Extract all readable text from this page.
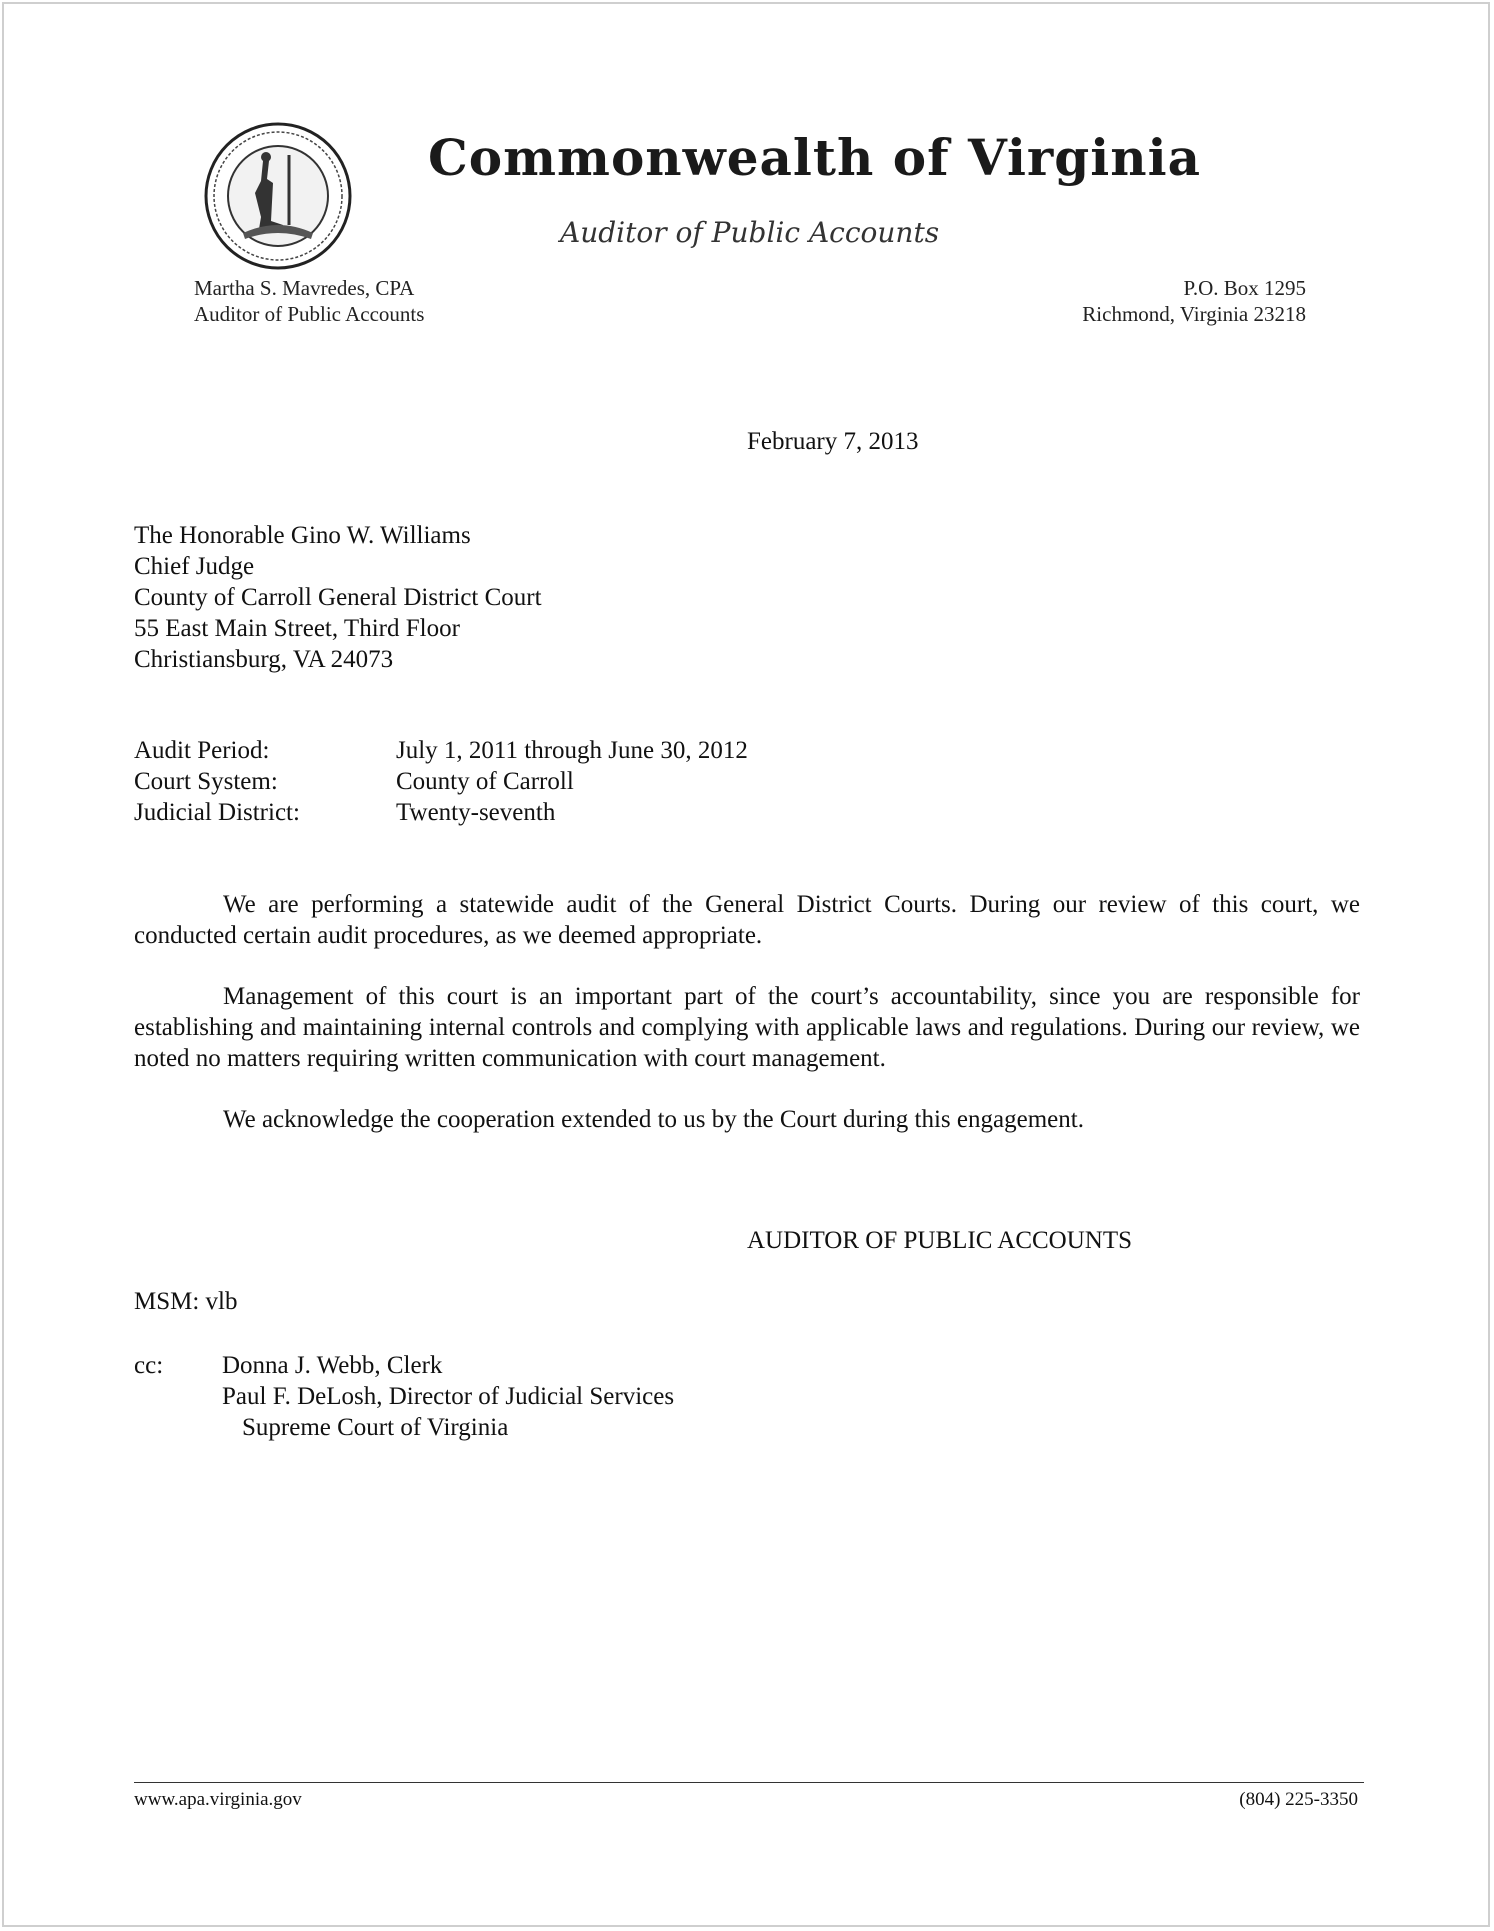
Commonwealth of Virginia
Auditor of Public Accounts
Martha S. Mavredes, CPA
Auditor of Public Accounts
P.O. Box 1295
Richmond, Virginia 23218
February 7, 2013
The Honorable Gino W. Williams
Chief Judge
County of Carroll General District Court
55 East Main Street, Third Floor
Christiansburg, VA 24073
Audit Period:	July 1, 2011 through June 30, 2012
Court System:	County of Carroll
Judicial District:	Twenty-seventh
We are performing a statewide audit of the General District Courts. During our review of this court, we conducted certain audit procedures, as we deemed appropriate.
Management of this court is an important part of the court’s accountability, since you are responsible for establishing and maintaining internal controls and complying with applicable laws and regulations. During our review, we noted no matters requiring written communication with court management.
We acknowledge the cooperation extended to us by the Court during this engagement.
AUDITOR OF PUBLIC ACCOUNTS
MSM: vlb
cc:	Donna J. Webb, Clerk
Paul F. DeLosh, Director of Judicial Services
Supreme Court of Virginia
www.apa.virginia.gov	(804) 225-3350
